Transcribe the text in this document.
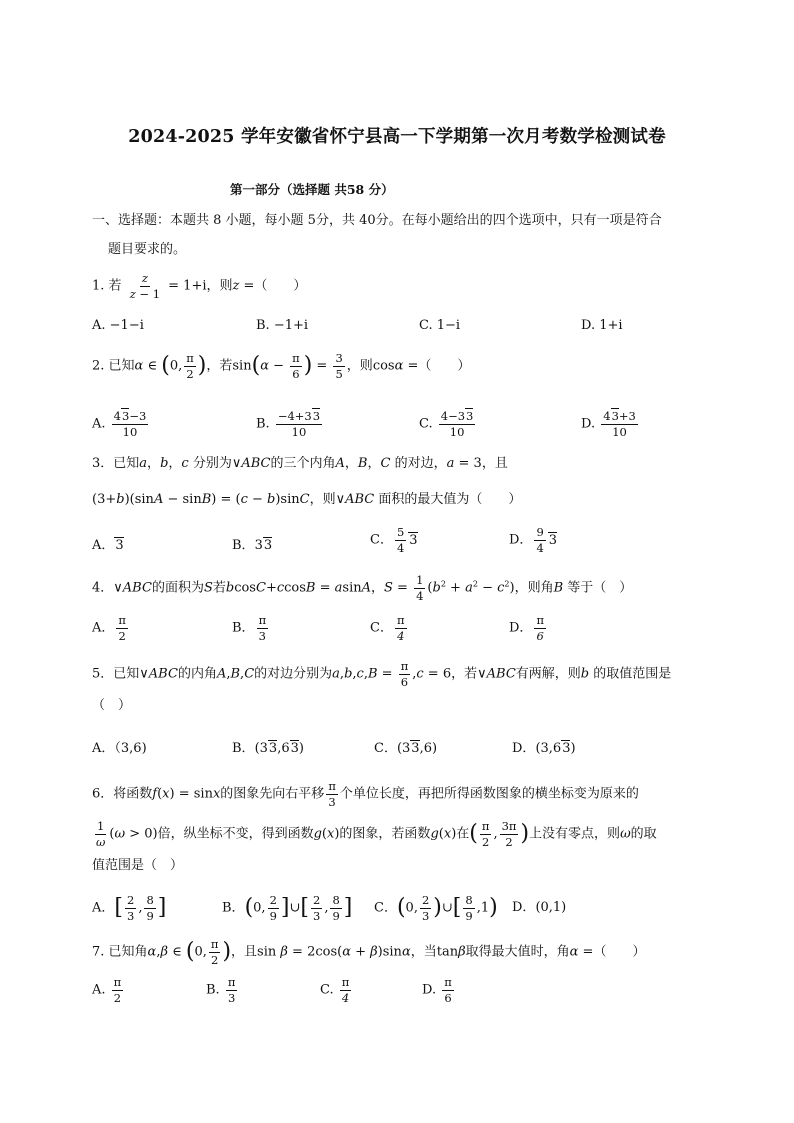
2024-2025 学年安徽省怀宁县高一下学期第一次月考数学检测试卷
第一部分（选择题 共58 分）
一、选择题：本题共 8 小题，每小题 5分，共 40分。在每小题给出的四个选项中，只有一项是符合
题目要求的。
1. 若 $\frac{z}{z - 1} = 1+i$，则z =（　　）
A. −1−i	B. −1+i	C. 1−i	D. 1+i
2. 已知α ∈ (0, $\frac{\pi}{2}$ )，若$\sin(\alpha - \frac{\pi}{6}$ ) = $\frac{3}{5}$ ，则cosα =（　　）
A. $\frac{43-3}{10}$	B. $\frac{-4+33}{10}$	C. $\frac{4-33}{10}$	D. $\frac{43+3}{10}$
3．已知a，b，c 分别为∨ABC的三个内角A，B，C 的对边，a = 3，且
(3+b)(sinA − sinB) = (c − b)sinC，则∨ABC 面积的最大值为（　　）
A．3	B．33	C． $\frac{5}{4} 3$	D． $\frac{9}{4} 3$
4．∨ABC的面积为S若bcosC+ccosB = asinA，$S = \frac{1}{4} (b^2 + a^2 - c^2)$，则角B 等于（　）
A． $\frac{\pi}{2}$	B． $\frac{\pi}{3}$	C． $\frac{\pi}{4}$	D． $\frac{\pi}{6}$
5．已知∨ABC的内角A,B,C的对边分别为$a,b,c,B = \frac{\pi}{6} ,c = 6$，若∨ABC有两解，则b 的取值范围是
（　）
A．（3,6)	B．(33,63)	C．(33,6)	D．(3,63)
6．将函数f(x) = sinx的图象先向右平移 $\frac{\pi}{3}$ 个单位长度，再把所得函数图象的横坐标变为原来的
$\frac{1}{\omega} (\omega > 0)$倍，纵坐标不变，得到函数g(x)的图象，若函数g(x)在( $\frac{\pi}{2}$ , $\frac{3\pi}{2}$ )上没有零点，则ω的取
值范围是（　）
A．[ $\frac{2}{3}$ , $\frac{8}{9}$ ]	B．(0, $\frac{2}{9}$ ]∪[ $\frac{2}{3}$ , $\frac{8}{9}$ ] C．(0, $\frac{2}{3}$ )∪[ $\frac{8}{9} ,1$) D．(0,1)
7. 已知角α,β ∈ (0, $\frac{\pi}{2}$ )，且sin β = 2cos(α + β)sinα，当tanβ取得最大值时，角α =（　　）
A. $\frac{\pi}{2}$	B. $\frac{\pi}{3}$	C. $\frac{\pi}{4}$	D. $\frac{\pi}{6}$
